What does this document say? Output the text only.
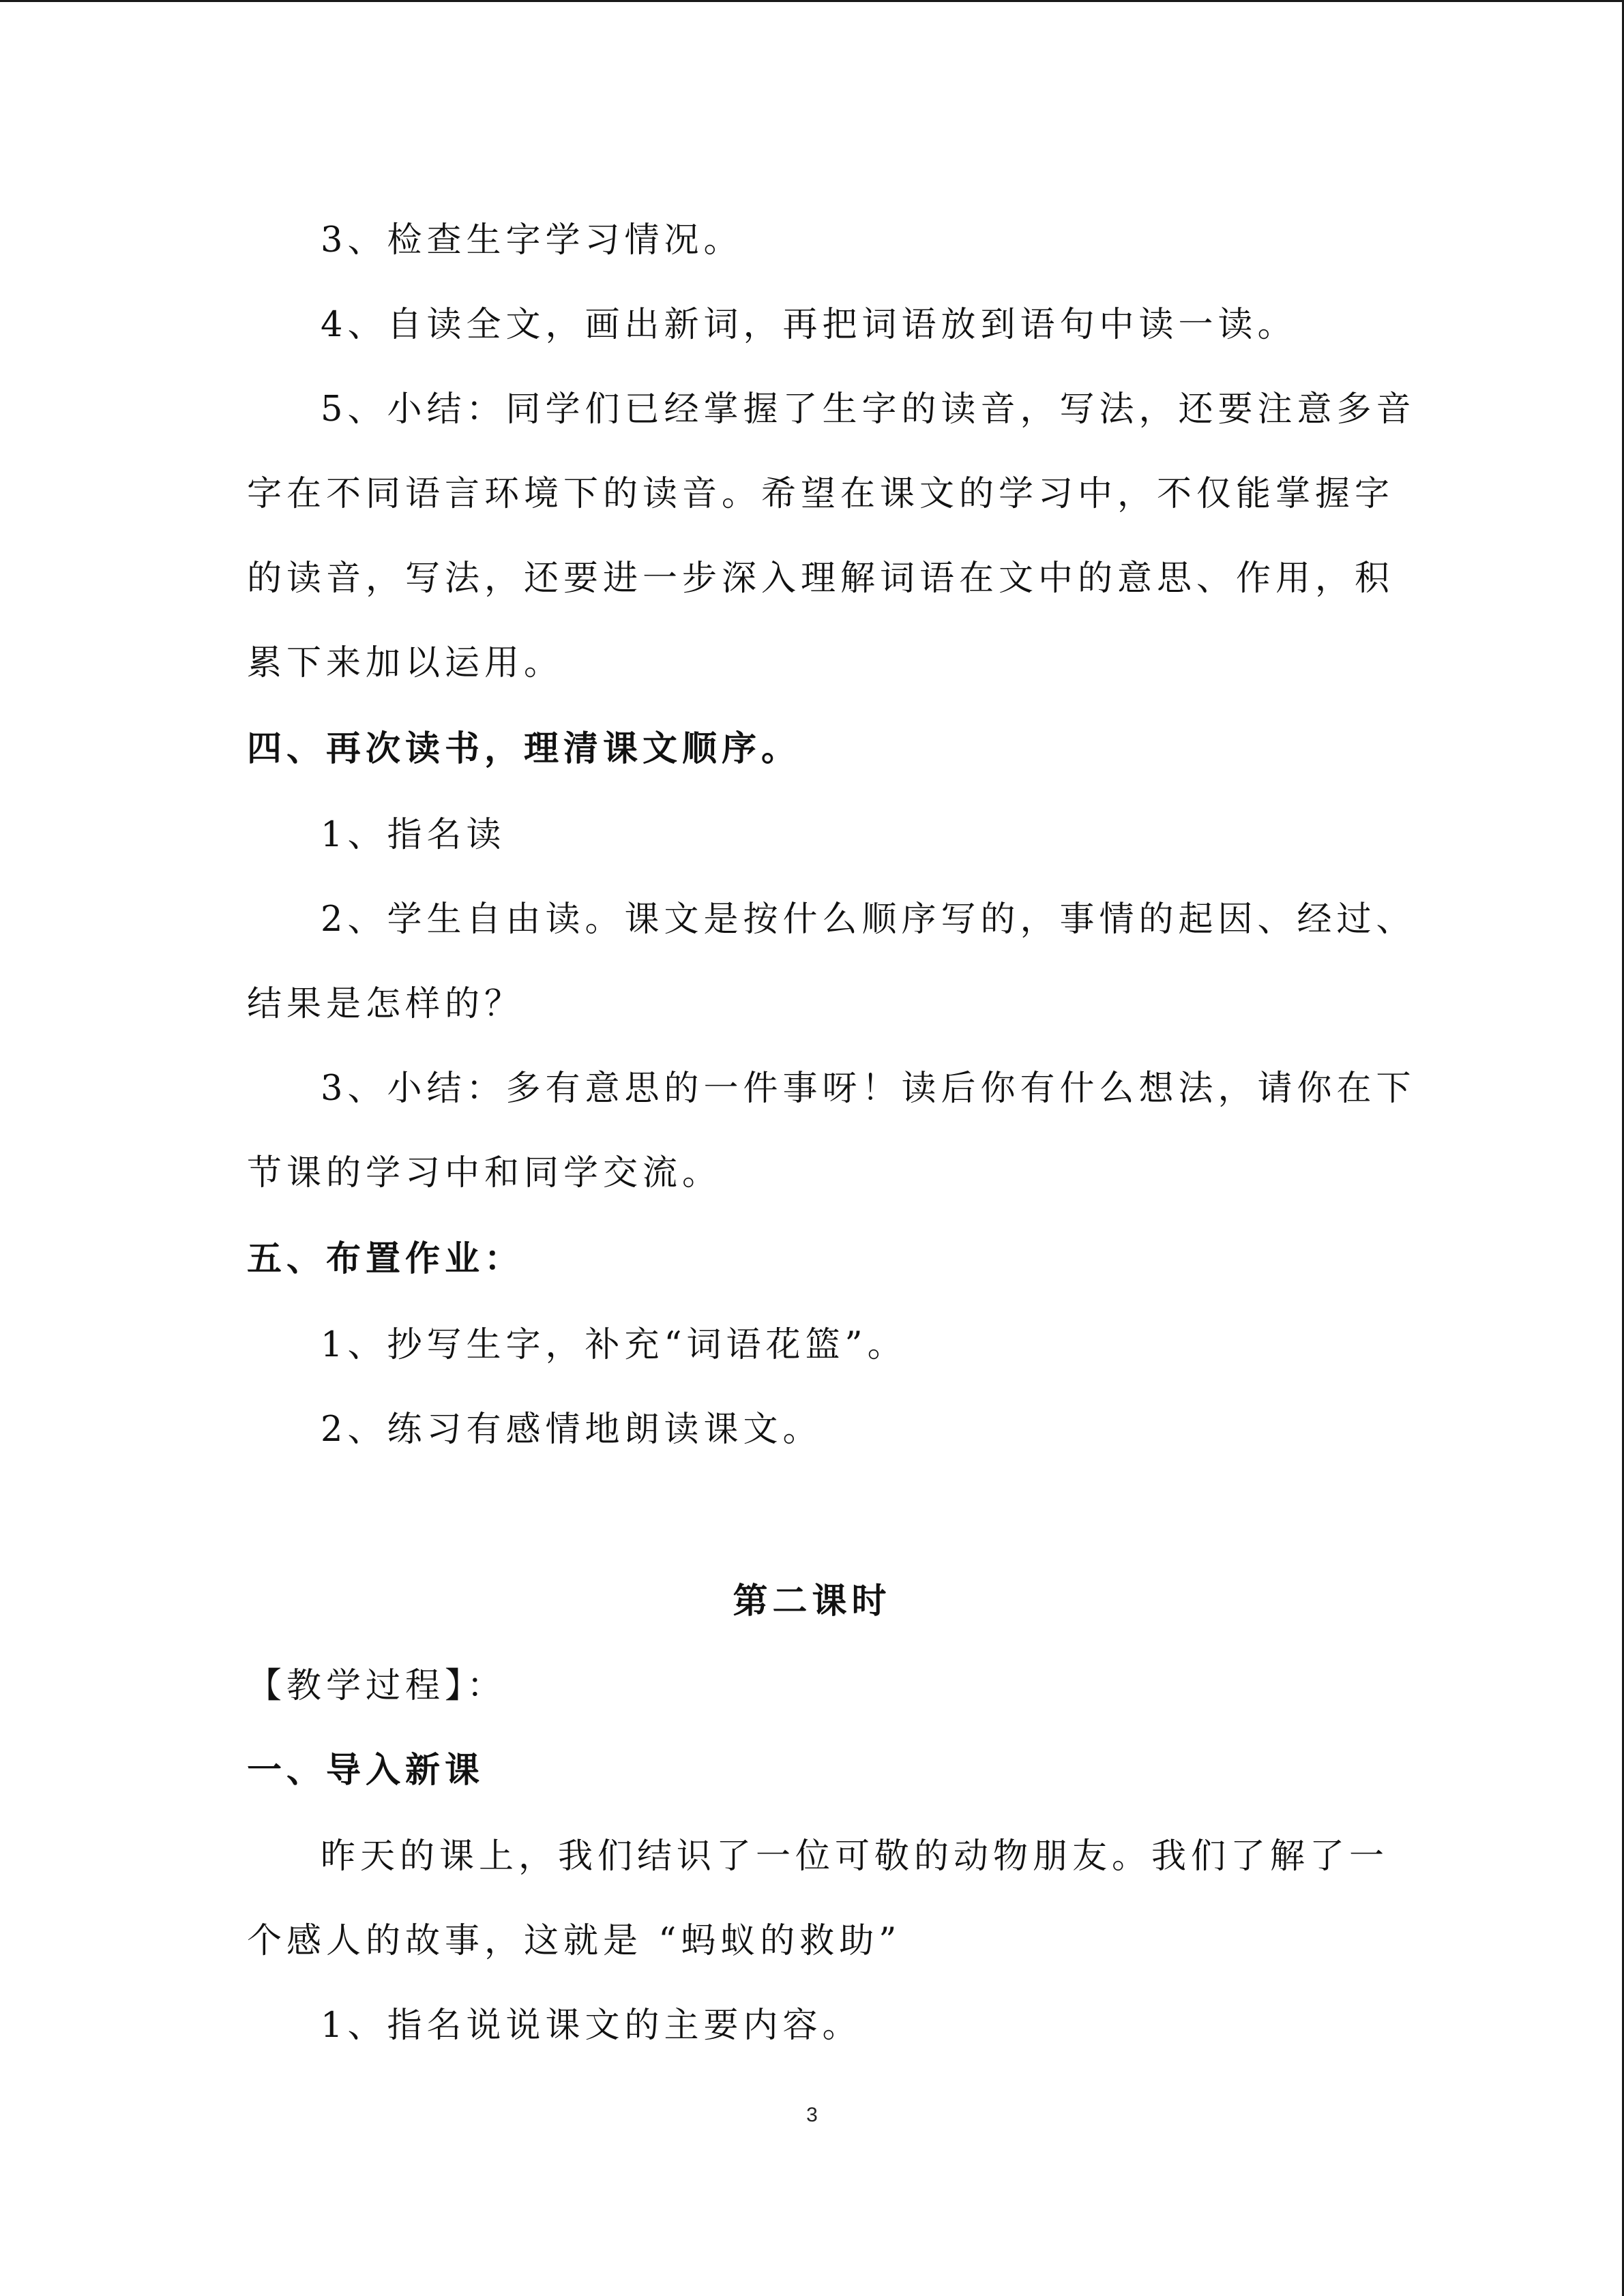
3、检查生字学习情况。
4、自读全文，画出新词，再把词语放到语句中读一读。
5、小结：同学们已经掌握了生字的读音，写法，还要注意多音
字在不同语言环境下的读音。希望在课文的学习中，不仅能掌握字
的读音，写法，还要进一步深入理解词语在文中的意思、作用，积
累下来加以运用。
四、再次读书，理清课文顺序。
1、指名读
2、学生自由读。课文是按什么顺序写的，事情的起因、经过、
结果是怎样的？
3、小结：多有意思的一件事呀！读后你有什么想法，请你在下
节课的学习中和同学交流。
五、布置作业：
1、抄写生字，补充“词语花篮”。
2、练习有感情地朗读课文。
第二课时
【教学过程】：
一、导入新课
昨天的课上，我们结识了一位可敬的动物朋友。我们了解了一
个感人的故事，这就是 “蚂蚁的救助”
1、指名说说课文的主要内容。
3
